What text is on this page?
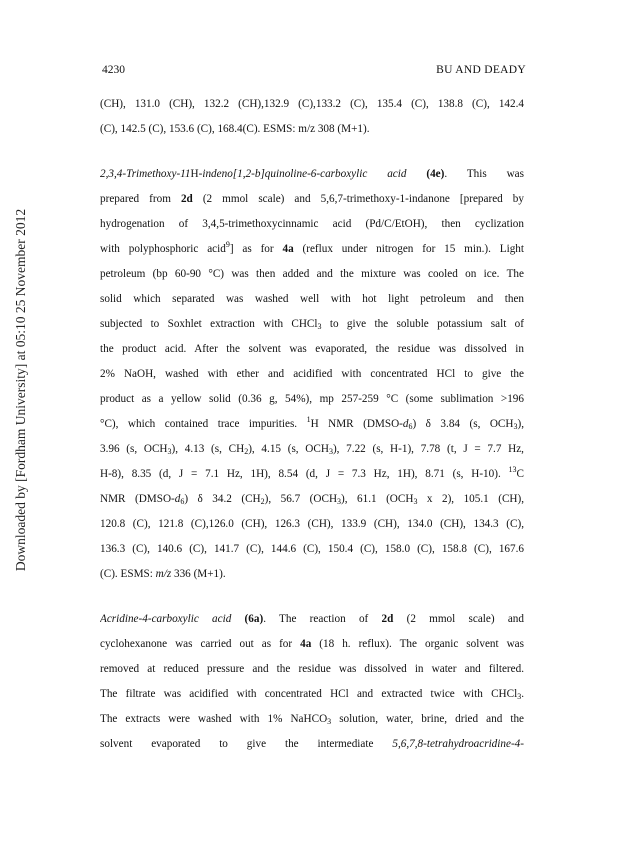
Downloaded by [Fordham University] at 05:10 25 November 2012
4230	BU AND DEADY
(CH), 131.0 (CH), 132.2 (CH),132.9 (C),133.2 (C), 135.4 (C), 138.8 (C), 142.4
(C), 142.5 (C), 153.6 (C), 168.4(C). ESMS: m/z 308 (M+1).
2,3,4-Trimethoxy-11H-indeno[1,2-b]quinoline-6-carboxylic acid (4e). This was
prepared from 2d (2 mmol scale) and 5,6,7-trimethoxy-1-indanone [prepared by
hydrogenation of 3,4,5-trimethoxycinnamic acid (Pd/C/EtOH), then cyclization
with polyphosphoric acid$^9$] as for 4a (reflux under nitrogen for 15 min.). Light
petroleum (bp 60-90 °C) was then added and the mixture was cooled on ice. The
solid which separated was washed well with hot light petroleum and then
subjected to Soxhlet extraction with CHCl$_3$ to give the soluble potassium salt of
the product acid. After the solvent was evaporated, the residue was dissolved in
2% NaOH, washed with ether and acidified with concentrated HCl to give the
product as a yellow solid (0.36 g, 54%), mp 257-259 °C (some sublimation >196
°C), which contained trace impurities. $^1$H NMR $(DMSO-d_6)$ δ 3.84 (s, $OCH_3$),
3.96 (s, $OCH_3$), 4.13 (s, $CH_2$), 4.15 (s, $OCH_3$), 7.22 (s, H-1), 7.78 (t, J = 7.7 Hz,
H-8), 8.35 (d, J = 7.1 Hz, 1H), 8.54 (d, J = 7.3 Hz, 1H), 8.71 (s, H-10). $^{13}$C
NMR $(DMSO-d_6)$ δ 34.2 $(CH_2)$, 56.7 $(OCH_3)$, 61.1 ($OCH_3$ x 2), 105.1 (CH),
120.8 (C), 121.8 (C),126.0 (CH), 126.3 (CH), 133.9 (CH), 134.0 (CH), 134.3 (C),
136.3 (C), 140.6 (C), 141.7 (C), 144.6 (C), 150.4 (C), 158.0 (C), 158.8 (C), 167.6
(C). ESMS: m/z 336 (M+1).
Acridine-4-carboxylic acid (6a). The reaction of 2d (2 mmol scale) and
cyclohexanone was carried out as for 4a (18 h. reflux). The organic solvent was
removed at reduced pressure and the residue was dissolved in water and filtered.
The filtrate was acidified with concentrated HCl and extracted twice with CHCl$_3$.
The extracts were washed with 1% NaHCO$_3$ solution, water, brine, dried and the
solvent evaporated to give the intermediate 5,6,7,8-tetrahydroacridine-4-
